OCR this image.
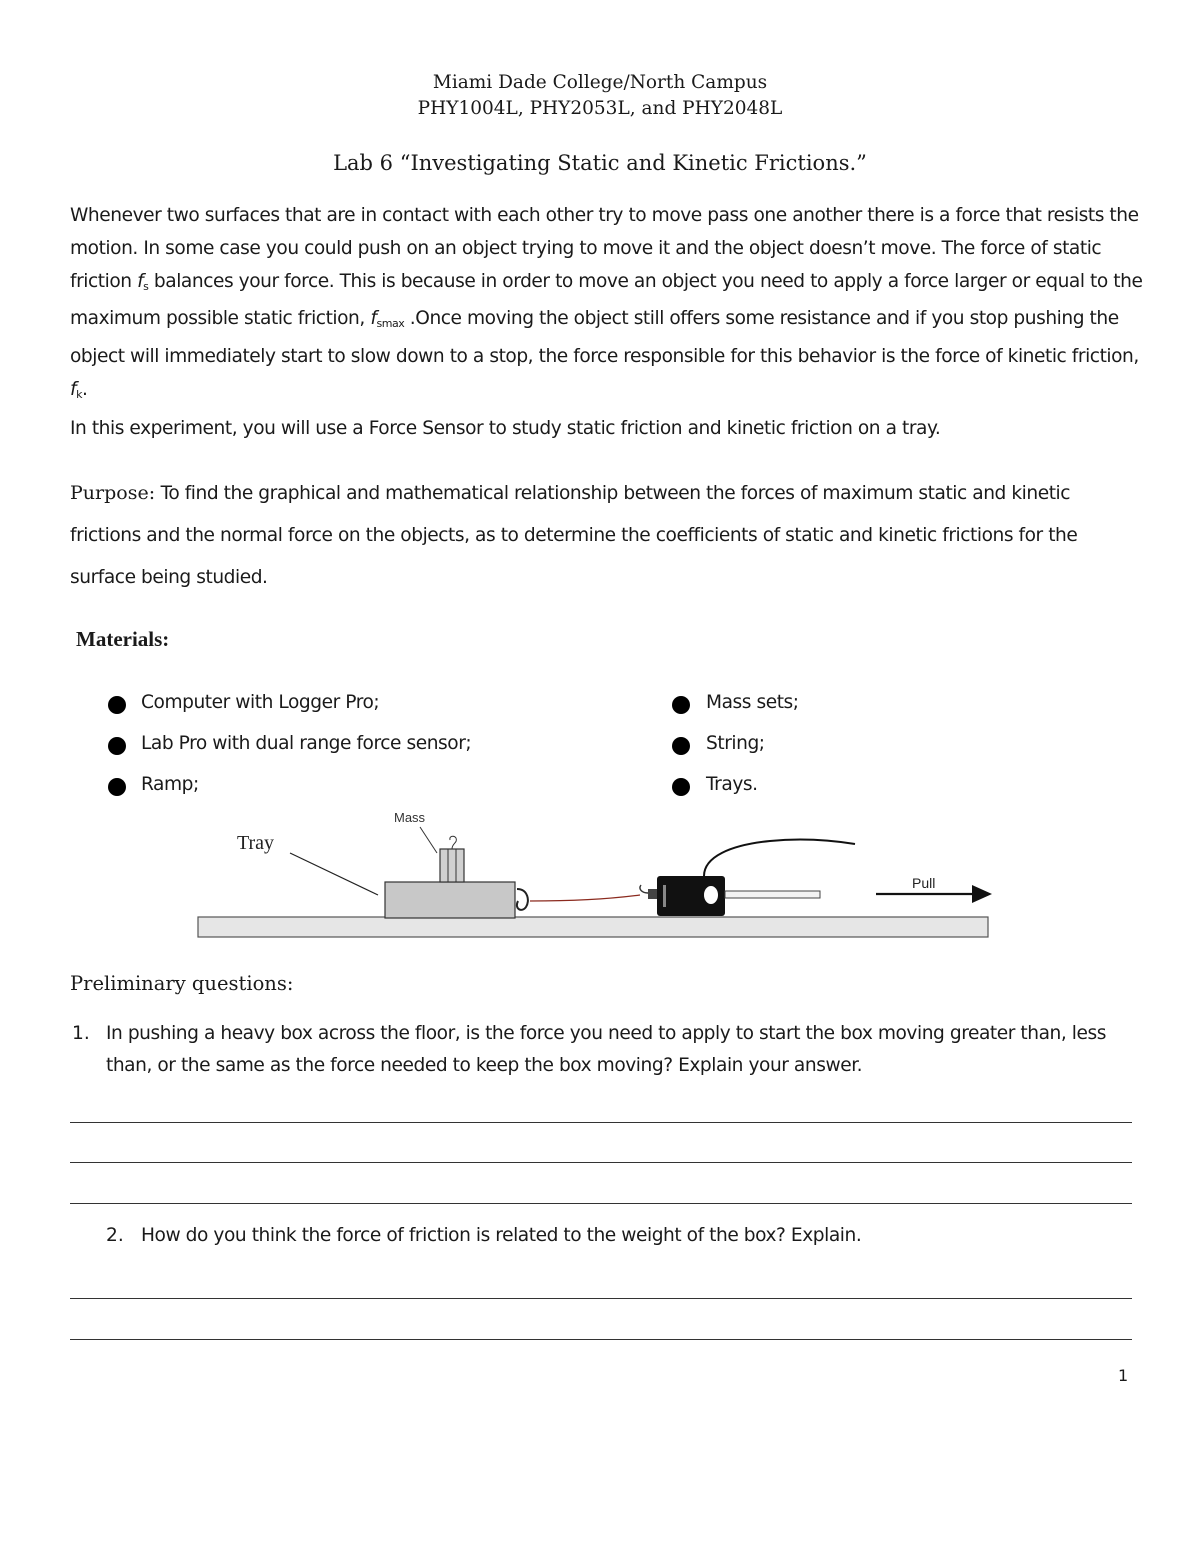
Miami Dade College/North Campus
PHY1004L, PHY2053L, and PHY2048L
Lab 6 “Investigating Static and Kinetic Frictions.”
Whenever two surfaces that are in contact with each other try to move pass one another there is a force that resists the motion. In some case you could push on an object trying to move it and the object doesn’t move. The force of static friction $f_s$ balances your force. This is because in order to move an object you need to apply a force larger or equal to the maximum possible static friction, $f_{smax}$ .Once moving the object still offers some resistance and if you stop pushing the object will immediately start to slow down to a stop, the force responsible for this behavior is the force of kinetic friction, $f_k$.
In this experiment, you will use a Force Sensor to study static friction and kinetic friction on a tray.
Purpose: To find the graphical and mathematical relationship between the forces of maximum static and kinetic frictions and the normal force on the objects, as to determine the coefficients of static and kinetic frictions for the surface being studied.
Materials:
Computer with Logger Pro;
Lab Pro with dual range force sensor;
Ramp;
Mass sets;
String;
Trays.
Tray
Mass
Pull
Preliminary questions:
1. In pushing a heavy box across the floor, is the force you need to apply to start the box moving greater than, less than, or the same as the force needed to keep the box moving? Explain your answer.
2. How do you think the force of friction is related to the weight of the box? Explain.
1
